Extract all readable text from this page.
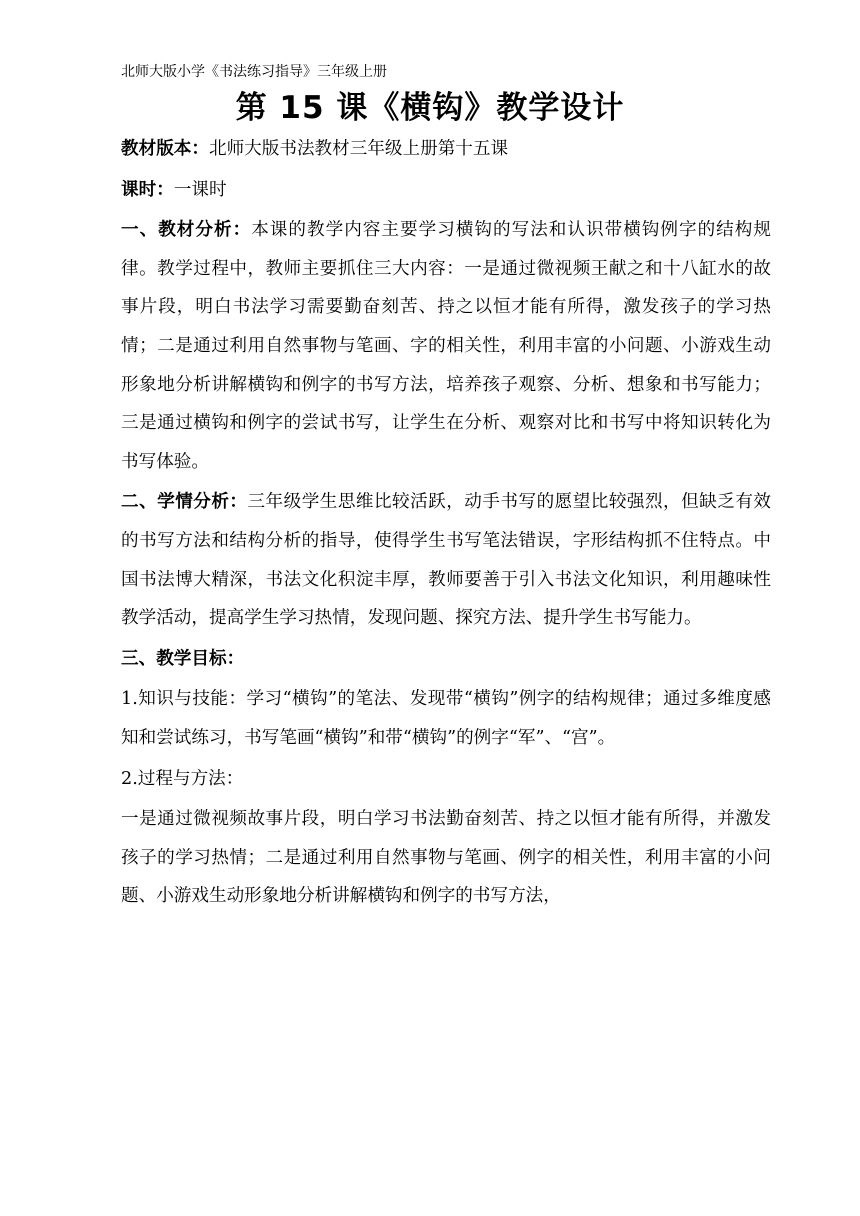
北师大版小学《书法练习指导》三年级上册
第 15 课《横钩》教学设计

教材版本：北师大版书法教材三年级上册第十五课

课时：一课时

一、教材分析：本课的教学内容主要学习横钩的写法和认识带横钩例字的结构规律。教学过程中，教师主要抓住三大内容：一是通过微视频王献之和十八缸水的故事片段，明白书法学习需要勤奋刻苦、持之以恒才能有所得，激发孩子的学习热情；二是通过利用自然事物与笔画、字的相关性，利用丰富的小问题、小游戏生动形象地分析讲解横钩和例字的书写方法，培养孩子观察、分析、想象和书写能力；三是通过横钩和例字的尝试书写，让学生在分析、观察对比和书写中将知识转化为书写体验。

二、学情分析：三年级学生思维比较活跃，动手书写的愿望比较强烈，但缺乏有效的书写方法和结构分析的指导，使得学生书写笔法错误，字形结构抓不住特点。中国书法博大精深，书法文化积淀丰厚，教师要善于引入书法文化知识，利用趣味性教学活动，提高学生学习热情，发现问题、探究方法、提升学生书写能力。

三、教学目标：

1.知识与技能：学习“横钩”的笔法、发现带“横钩”例字的结构规律；通过多维度感知和尝试练习，书写笔画“横钩”和带“横钩”的例字“军”、“宫”。

2.过程与方法：

一是通过微视频故事片段，明白学习书法勤奋刻苦、持之以恒才能有所得，并激发孩子的学习热情；二是通过利用自然事物与笔画、例字的相关性，利用丰富的小问题、小游戏生动形象地分析讲解横钩和例字的书写方法，
